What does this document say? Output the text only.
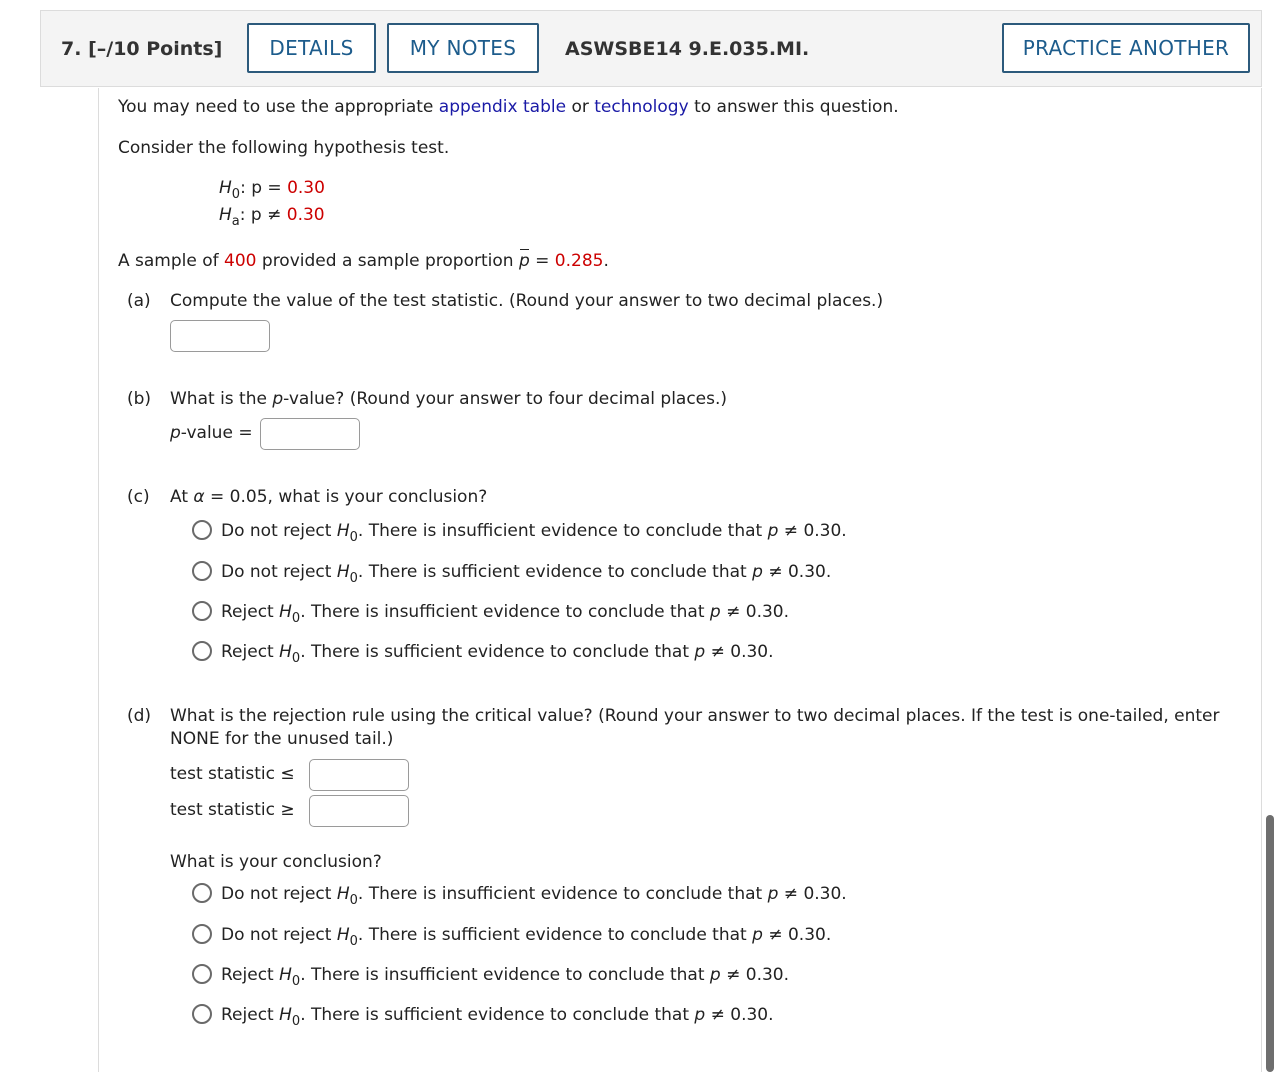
7. [–/10 Points]	DETAILS	MY NOTES	ASWSBE14 9.E.035.MI.	PRACTICE ANOTHER
You may need to use the appropriate appendix table or technology to answer this question.
Consider the following hypothesis test.
$H_0$: p = 0.30
$H_a$: p ≠ 0.30
A sample of 400 provided a sample proportion p = 0.285.
(a) Compute the value of the test statistic. (Round your answer to two decimal places.)
(b) What is the p-value? (Round your answer to four decimal places.)
p-value =
(c) At α = 0.05, what is your conclusion?
Do not reject $H_0$. There is insufficient evidence to conclude that p ≠ 0.30.
Do not reject $H_0$. There is sufficient evidence to conclude that p ≠ 0.30.
Reject $H_0$. There is insufficient evidence to conclude that p ≠ 0.30.
Reject $H_0$. There is sufficient evidence to conclude that p ≠ 0.30.
(d) What is the rejection rule using the critical value? (Round your answer to two decimal places. If the test is one-tailed, enter NONE for the unused tail.)
test statistic ≤
test statistic ≥
What is your conclusion?
Do not reject $H_0$. There is insufficient evidence to conclude that p ≠ 0.30.
Do not reject $H_0$. There is sufficient evidence to conclude that p ≠ 0.30.
Reject $H_0$. There is insufficient evidence to conclude that p ≠ 0.30.
Reject $H_0$. There is sufficient evidence to conclude that p ≠ 0.30.
